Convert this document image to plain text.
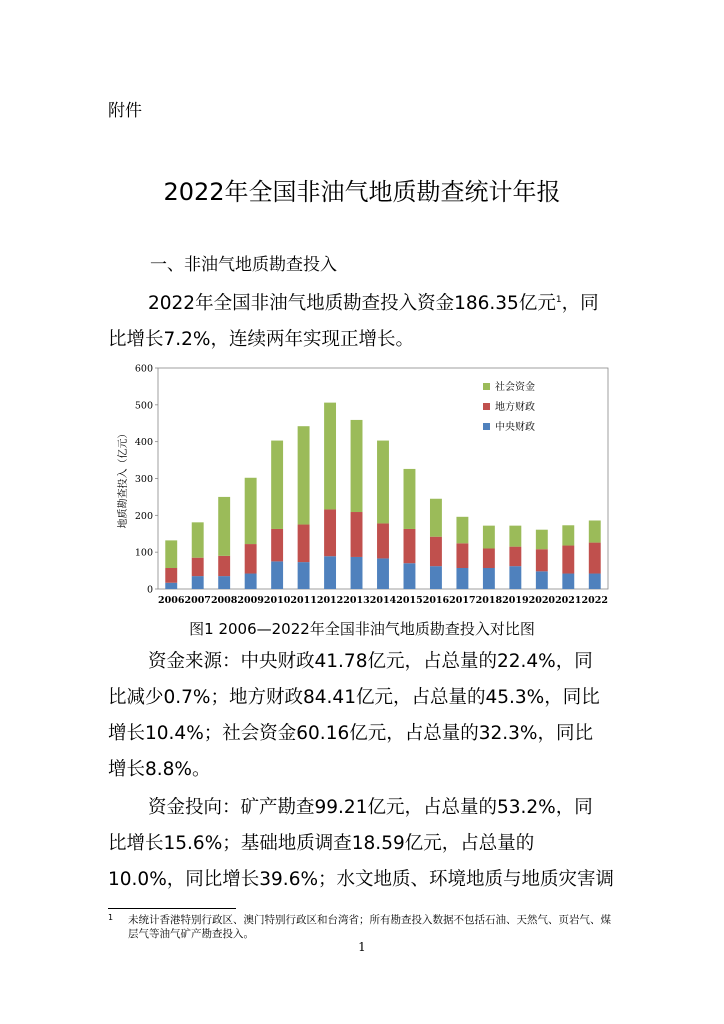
附件
2022年全国非油气地质勘查统计年报
一、非油气地质勘查投入
2022年全国非油气地质勘查投入资金186.35亿元$^1$，同
比增长7.2%，连续两年实现正增长。
0
100
200
300
400
500
600
地质勘查投入（亿元）
2006 2007 2008 2009 2010 2011 2012 2013 2014 2015 2016 2017 2018 2019 2020 2021 2022
社会资金
地方财政
中央财政
图1 2006—2022年全国非油气地质勘查投入对比图
资金来源：中央财政41.78亿元，占总量的22.4%，同
比减少0.7%；地方财政84.41亿元，占总量的45.3%，同比
增长10.4%；社会资金60.16亿元，占总量的32.3%，同比
增长8.8%。
资金投向：矿产勘查99.21亿元，占总量的53.2%，同
比增长15.6%；基础地质调查18.59亿元，占总量的
10.0%，同比增长39.6%；水文地质、环境地质与地质灾害调
1	未统计香港特别行政区、澳门特别行政区和台湾省；所有勘查投入数据不包括石油、天然气、页岩气、煤
层气等油气矿产勘查投入。
1
